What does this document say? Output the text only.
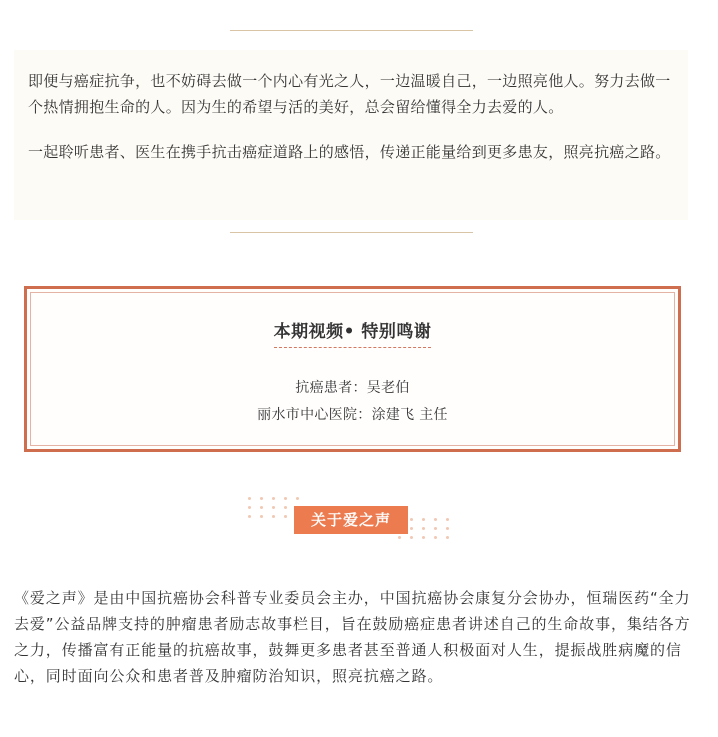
即便与癌症抗争，也不妨碍去做一个内心有光之人，一边温暖自己，一边照亮他人。努力去做一个热情拥抱生命的人。因为生的希望与活的美好，总会留给懂得全力去爱的人。

一起聆听患者、医生在携手抗击癌症道路上的感悟，传递正能量给到更多患友，照亮抗癌之路。

本期视频• 特别鸣谢
抗癌患者：吴老伯
丽水市中心医院：涂建飞 主任
关于爱之声

《爱之声》是由中国抗癌协会科普专业委员会主办，中国抗癌协会康复分会协办，恒瑞医药“全力去爱”公益品牌支持的肿瘤患者励志故事栏目，旨在鼓励癌症患者讲述自己的生命故事，集结各方之力，传播富有正能量的抗癌故事，鼓舞更多患者甚至普通人积极面对人生，提振战胜病魔的信心，同时面向公众和患者普及肿瘤防治知识，照亮抗癌之路。
